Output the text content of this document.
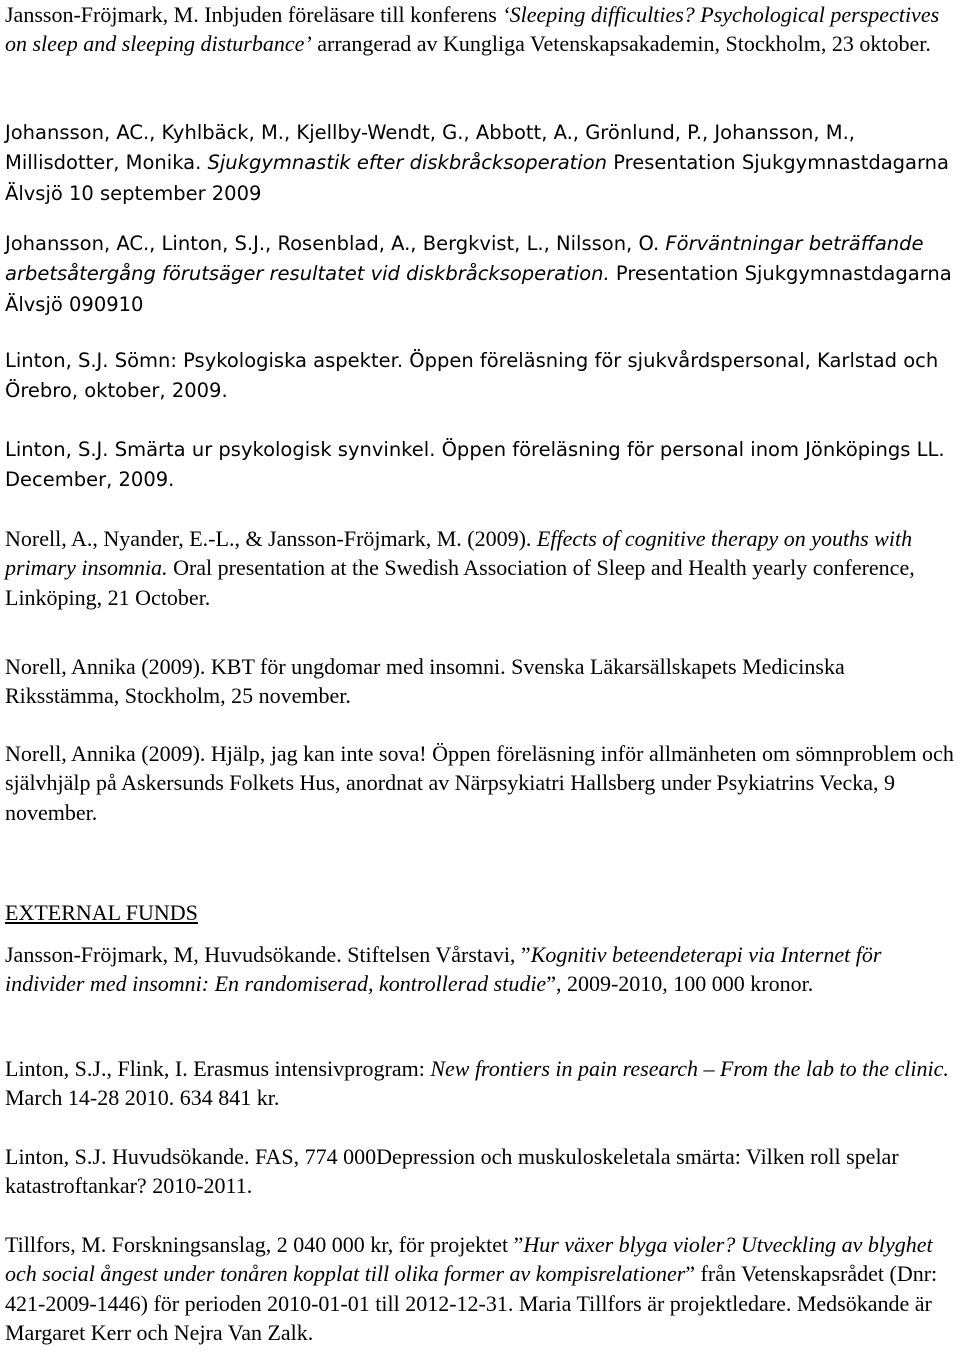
Jansson-Fröjmark, M. Inbjuden föreläsare till konferens ‘Sleeping difficulties? Psychological perspectives on sleep and sleeping disturbance’ arrangerad av Kungliga Vetenskapsakademin, Stockholm, 23 oktober.

Johansson, AC., Kyhlbäck, M., Kjellby-Wendt, G., Abbott, A., Grönlund, P., Johansson, M., Millisdotter, Monika. Sjukgymnastik efter diskbråcksoperation Presentation Sjukgymnastdagarna Älvsjö 10 september 2009

Johansson, AC., Linton, S.J., Rosenblad, A., Bergkvist, L., Nilsson, O. Förväntningar beträffande arbetsåtergång förutsäger resultatet vid diskbråcksoperation. Presentation Sjukgymnastdagarna Älvsjö 090910

Linton, S.J. Sömn: Psykologiska aspekter. Öppen föreläsning för sjukvårdspersonal, Karlstad och Örebro, oktober, 2009.

Linton, S.J. Smärta ur psykologisk synvinkel. Öppen föreläsning för personal inom Jönköpings LL. December, 2009.

Norell, A., Nyander, E.-L., & Jansson-Fröjmark, M. (2009). Effects of cognitive therapy on youths with primary insomnia. Oral presentation at the Swedish Association of Sleep and Health yearly conference, Linköping, 21 October.

Norell, Annika (2009). KBT för ungdomar med insomni. Svenska Läkarsällskapets Medicinska Riksstämma, Stockholm, 25 november.

Norell, Annika (2009). Hjälp, jag kan inte sova! Öppen föreläsning inför allmänheten om sömnproblem och självhjälp på Askersunds Folkets Hus, anordnat av Närpsykiatri Hallsberg under Psykiatrins Vecka, 9 november.

EXTERNAL FUNDS

Jansson-Fröjmark, M, Huvudsökande. Stiftelsen Vårstavi, ”Kognitiv beteendeterapi via Internet för individer med insomni: En randomiserad, kontrollerad studie”, 2009-2010, 100 000 kronor.

Linton, S.J., Flink, I. Erasmus intensivprogram: New frontiers in pain research – From the lab to the clinic. March 14-28 2010. 634 841 kr.

Linton, S.J. Huvudsökande. FAS, 774 000Depression och muskuloskeletala smärta: Vilken roll spelar katastroftankar? 2010-2011.

Tillfors, M. Forskningsanslag, 2 040 000 kr, för projektet ”Hur växer blyga violer? Utveckling av blyghet och social ångest under tonåren kopplat till olika former av kompisrelationer” från Vetenskapsrådet (Dnr: 421-2009-1446) för perioden 2010-01-01 till 2012-12-31. Maria Tillfors är projektledare. Medsökande är Margaret Kerr och Nejra Van Zalk.
